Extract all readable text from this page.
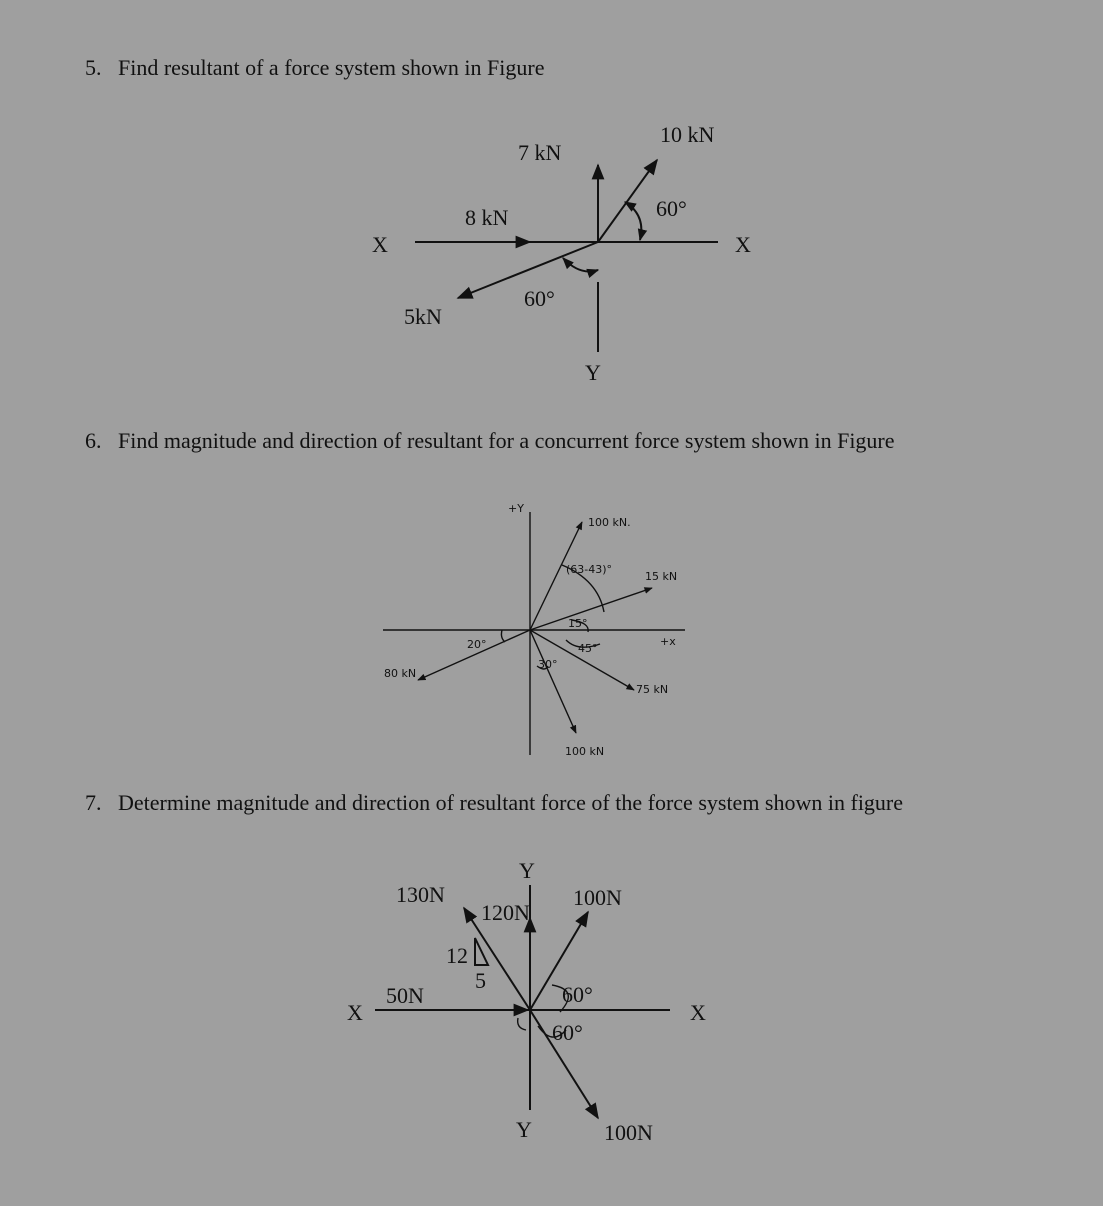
5. Find resultant of a force system shown in Figure
6. Find magnitude and direction of resultant for a concurrent force system shown in Figure
7. Determine magnitude and direction of resultant force of the force system shown in figure
X	X
Y
7 kN
10 kN
8 kN
5kN
60°
60°
+Y
+x
100 kN.
15 kN
80 kN
75 kN
100 kN
(63-43)°
15°
45°
20°
30°
Y
Y
X	X
130N
120N
100N
50N
100N
12
5
60°
60°
